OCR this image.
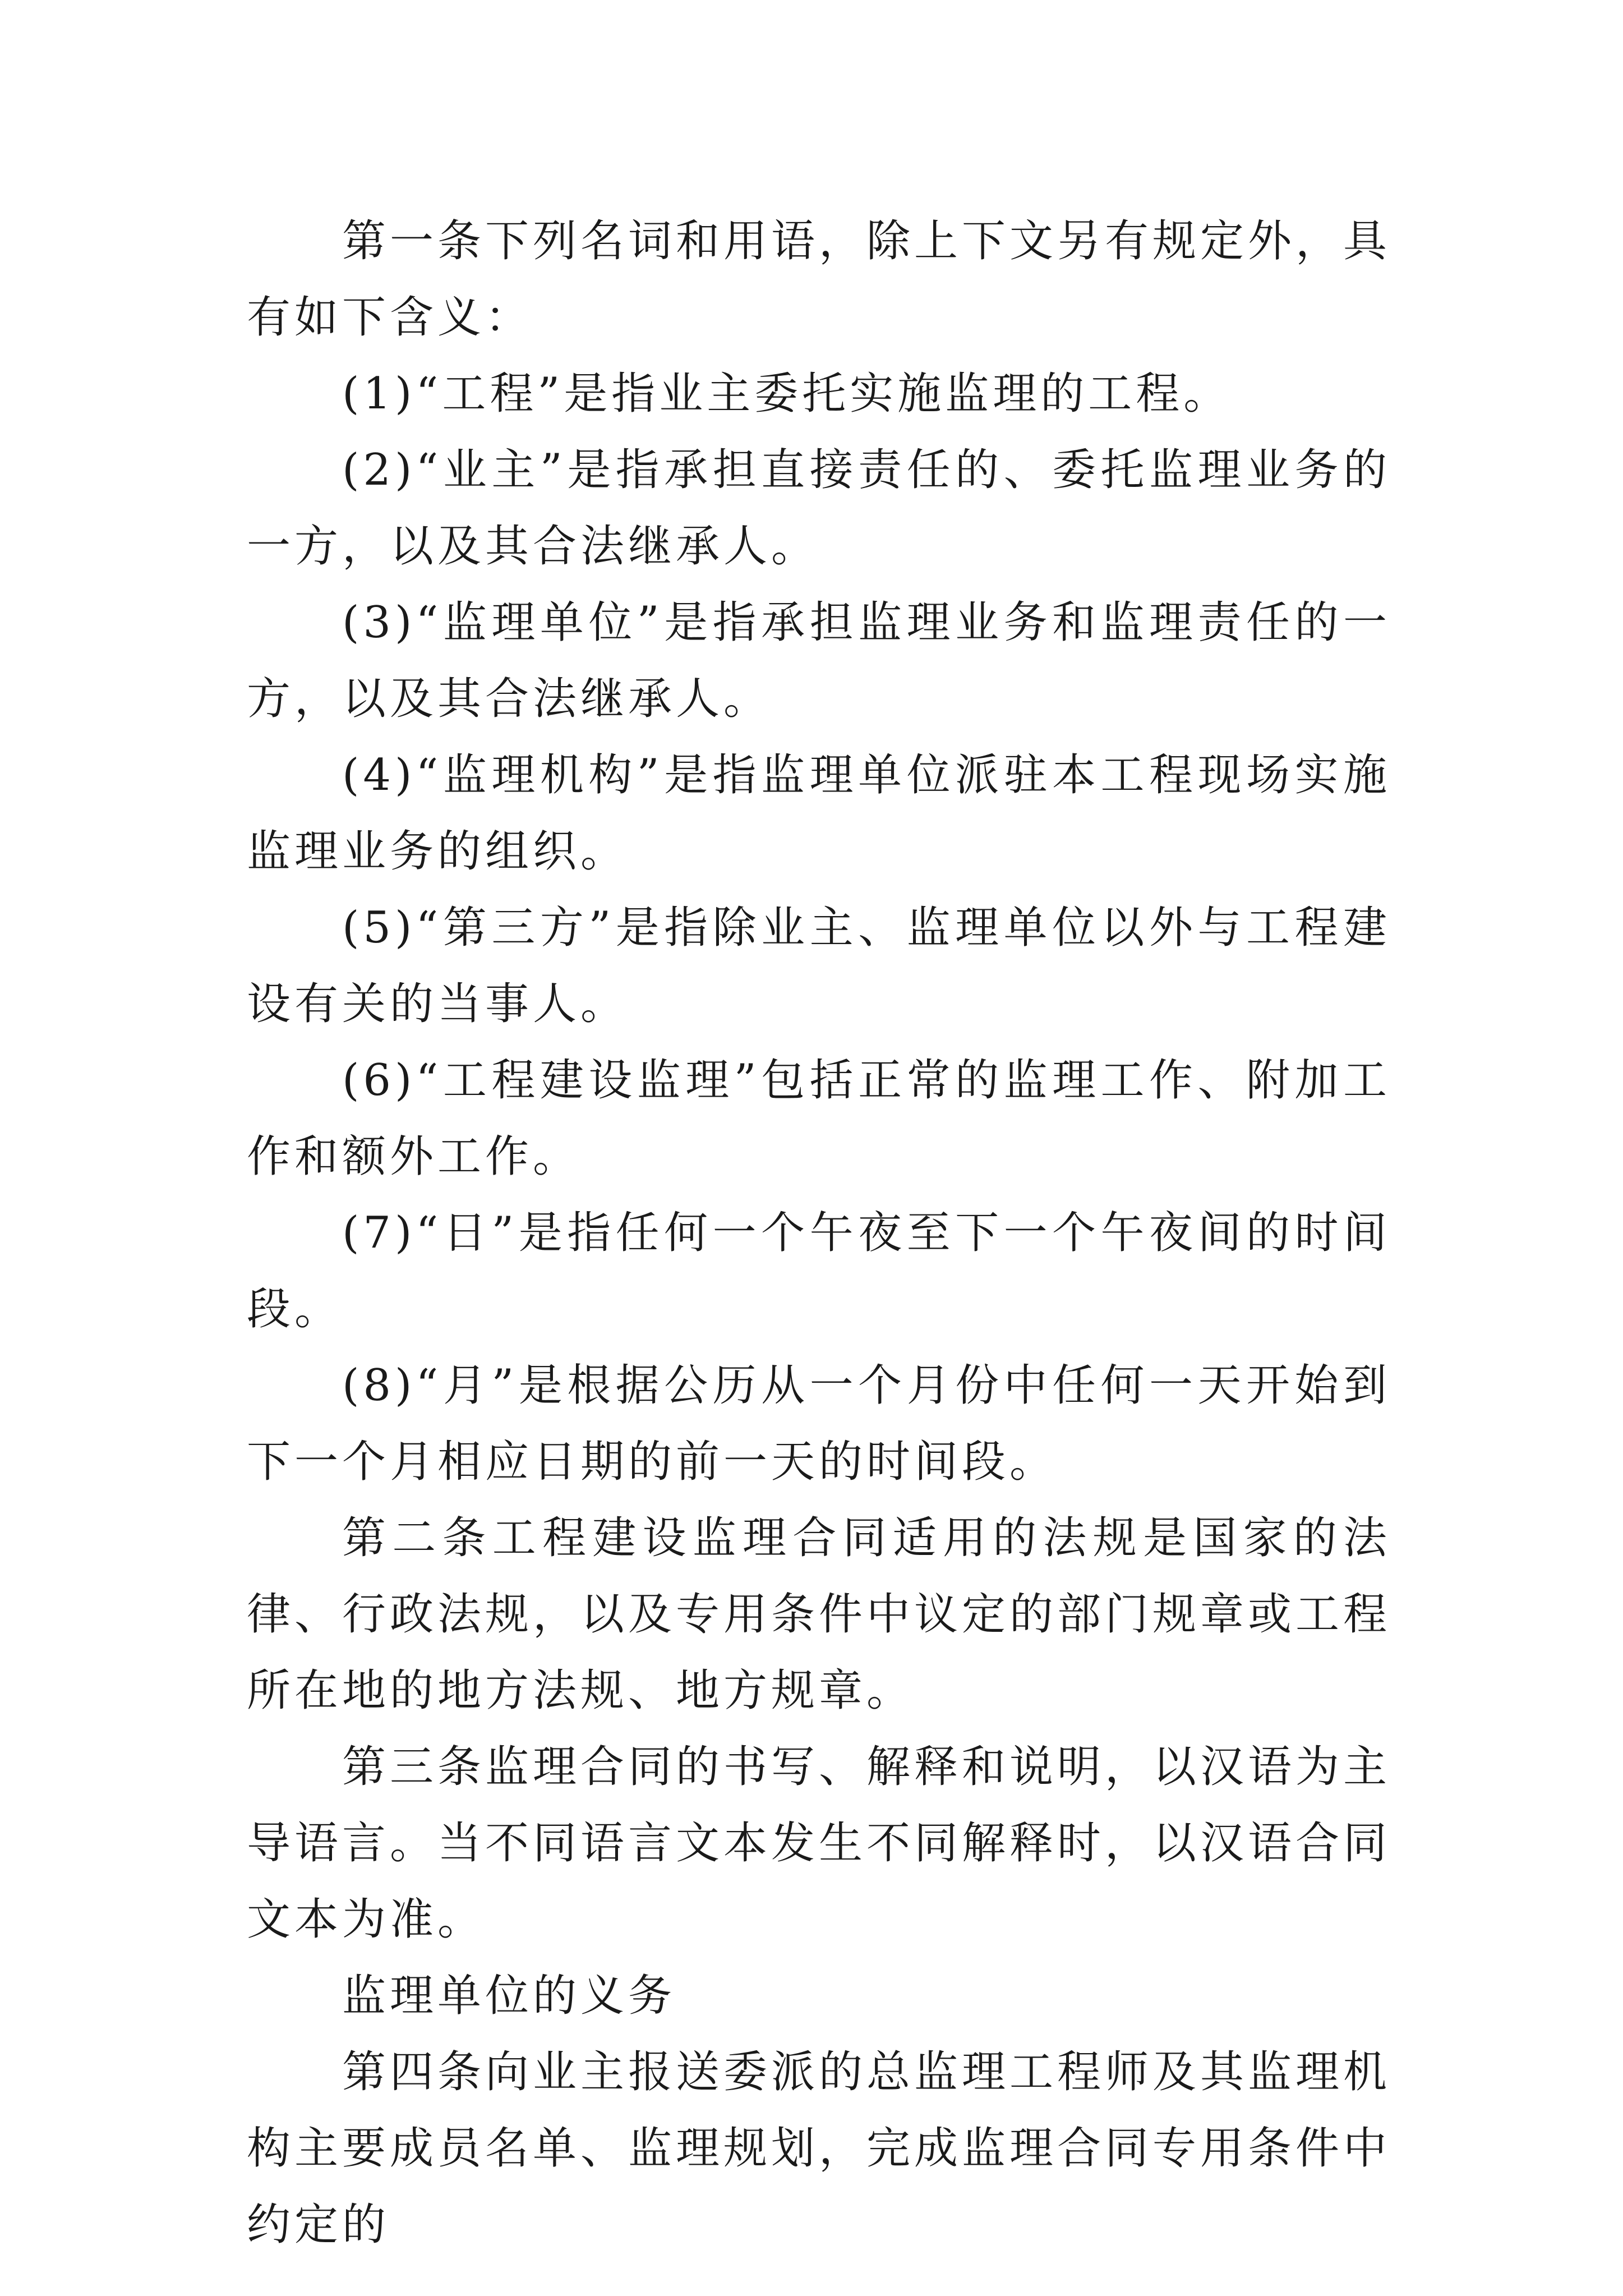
第一条下列名词和用语，除上下文另有规定外，具有如下含义：

(1)“工程”是指业主委托实施监理的工程。

(2)“业主”是指承担直接责任的、委托监理业务的一方，以及其合法继承人。

(3)“监理单位”是指承担监理业务和监理责任的一方，以及其合法继承人。

(4)“监理机构”是指监理单位派驻本工程现场实施监理业务的组织。

(5)“第三方”是指除业主、监理单位以外与工程建设有关的当事人。

(6)“工程建设监理”包括正常的监理工作、附加工作和额外工作。

(7)“日”是指任何一个午夜至下一个午夜间的时间段。

(8)“月”是根据公历从一个月份中任何一天开始到下一个月相应日期的前一天的时间段。

第二条工程建设监理合同适用的法规是国家的法律、行政法规，以及专用条件中议定的部门规章或工程所在地的地方法规、地方规章。

第三条监理合同的书写、解释和说明，以汉语为主导语言。当不同语言文本发生不同解释时，以汉语合同文本为准。

监理单位的义务

第四条向业主报送委派的总监理工程师及其监理机构主要成员名单、监理规划，完成监理合同专用条件中约定的
